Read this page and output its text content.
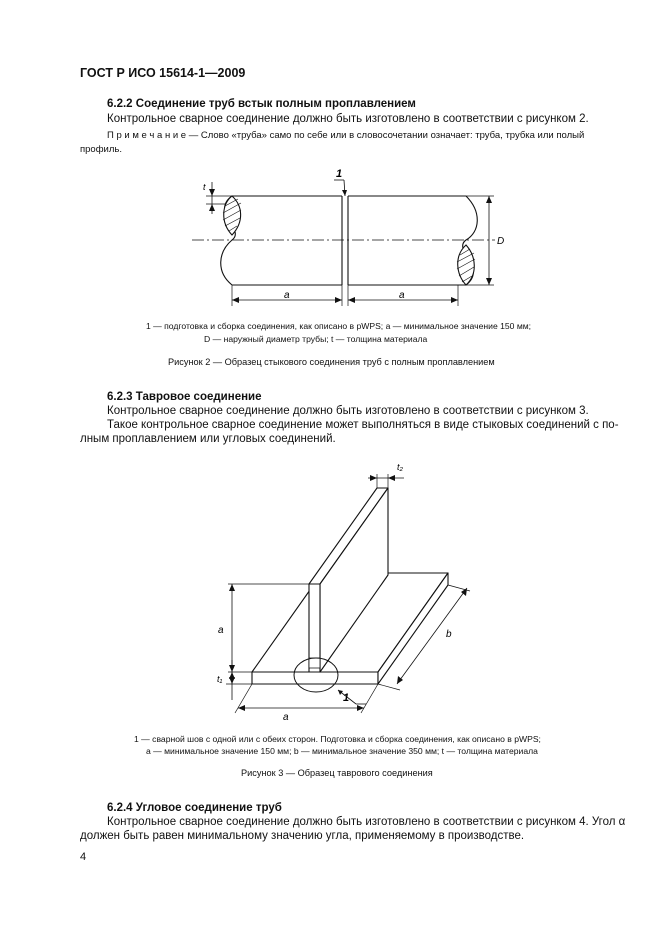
ГОСТ Р ИСО 15614-1—2009
6.2.2 Соединение труб встык полным проплавлением
Контрольное сварное соединение должно быть изготовлено в соответствии с рисунком 2.
П р и м е ч а н и е — Слово «труба» само по себе или в словосочетании означает: труба, трубка или полый
профиль.
1
t
D
a	a
1 — подготовка и сборка соединения, как описано в pWPS; a — минимальное значение 150 мм;
D — наружный диаметр трубы; t — толщина материала
Рисунок 2 — Образец стыкового соединения труб с полным проплавлением
6.2.3 Тавровое соединение
Контрольное сварное соединение должно быть изготовлено в соответствии с рисунком 3.
Такое контрольное сварное соединение может выполняться в виде стыковых соединений с по-
лным проплавлением или угловых соединений.
t₂
a
t₁
b
1
a
1 — сварной шов с одной или с обеих сторон. Подготовка и сборка соединения, как описано в pWPS;
a — минимальное значение 150 мм; b — минимальное значение 350 мм; t — толщина материала
Рисунок 3 — Образец таврового соединения
6.2.4 Угловое соединение труб
Контрольное сварное соединение должно быть изготовлено в соответствии с рисунком 4. Угол α
должен быть равен минимальному значению угла, применяемому в производстве.
4
